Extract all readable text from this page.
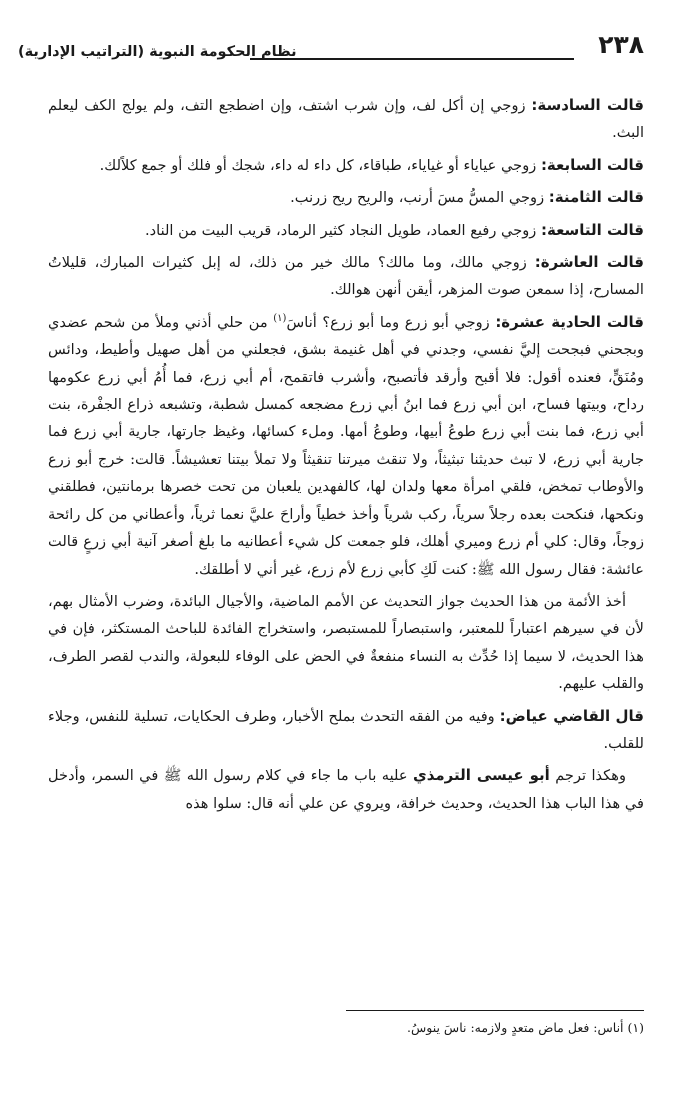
٢٣٨
نظام الحكومة النبوية (التراتيب الإدارية)

قالت السادسة: زوجي إن أكل لف، وإن شرب اشتف، وإن اضطجع التف، ولم يولج الكف ليعلم البث.

قالت السابعة: زوجي عياياء أو غياياء، طباقاء، كل داء له داء، شجك أو فلك أو جمع كلاًلك.

قالت الثامنة: زوجي المسُّ مسَ أرنب، والريح ريح زرنب.

قالت التاسعة: زوجي رفيع العماد، طويل النجاد كثير الرماد، قريب البيت من الناد.

قالت العاشرة: زوجي مالك، وما مالك؟ مالك خير من ذلك، له إبل كثيرات المبارك، قليلاتُ المسارح، إذا سمعن صوت المزهر، أيقن أنهن هوالك.

قالت الحادية عشرة: زوجي أبو زرع وما أبو زرع؟ أناسَ$^{(١)}$ من حلي أذني وملأ من شحم عضدي وبجحني فبجحت إليَّ نفسي، وجدني في أهل غنيمة بشق، فجعلني من أهل صهيل وأطيط، ودائس ومُنَقٍّ، فعنده أقول: فلا أقبح وأرقد فأتصبح، وأشرب فاتقمح، أم أبي زرع، فما أُمُ أبي زرع عكومها رداح، وبيتها فساح، ابن أبي زرع فما ابنُ أبي زرع مضجعه كمسل شطبة، وتشبعه ذراع الجفْرة، بنت أبي زرع، فما بنت أبي زرع طوعُ أبيها، وطوعُ أمها. وملء كسائها، وغيظ جارتها، جارية أبي زرع فما جارية أبي زرع، لا تبث حديثنا تبثيثاً، ولا تنقث ميرتنا تنقيثاً ولا تملأ بيتنا تعشيشاً. قالت: خرج أبو زرع والأوطاب تمخض، فلقي امرأة معها ولدان لها، كالفهدين يلعبان من تحت خصرها برمانتين، فطلقني ونكحها، فنكحت بعده رجلاً سرياً، ركب شرياً وأخذ خطياً وأراحَ عليَّ نعما ثرياً، وأعطاني من كل رائحة زوجاً، وقال: كلي أم زرع وميري أهلك، فلو جمعت كل شيء أعطانيه ما بلغ أصغر آنية أبي زرعٍ قالت عائشة: فقال رسول الله ﷺ: كنت لَكِ كأبي زرع لأم زرع، غير أني لا أطلقك.

أخذ الأئمة من هذا الحديث جواز التحديث عن الأمم الماضية، والأجيال البائدة، وضرب الأمثال بهم، لأن في سيرهم اعتباراً للمعتبر، واستبصاراً للمستبصر، واستخراج الفائدة للباحث المستكثر، فإن في هذا الحديث، لا سيما إذا حُدِّث به النساء منفعةٌ في الحض على الوفاء للبعولة، والندب لقصر الطرف، والقلب عليهم.

قال القاضي عياض: وفيه من الفقه التحدث بملح الأخبار، وطرف الحكايات، تسلية للنفس، وجلاء للقلب.

وهكذا ترجم أبو عيسى الترمذي عليه باب ما جاء في كلام رسول الله ﷺ في السمر، وأدخل في هذا الباب هذا الحديث، وحديث خرافة، ويروي عن علي أنه قال: سلوا هذه

(١) أناس: فعل ماض متعدٍ ولازمه: ناسَ ينوسُ.
